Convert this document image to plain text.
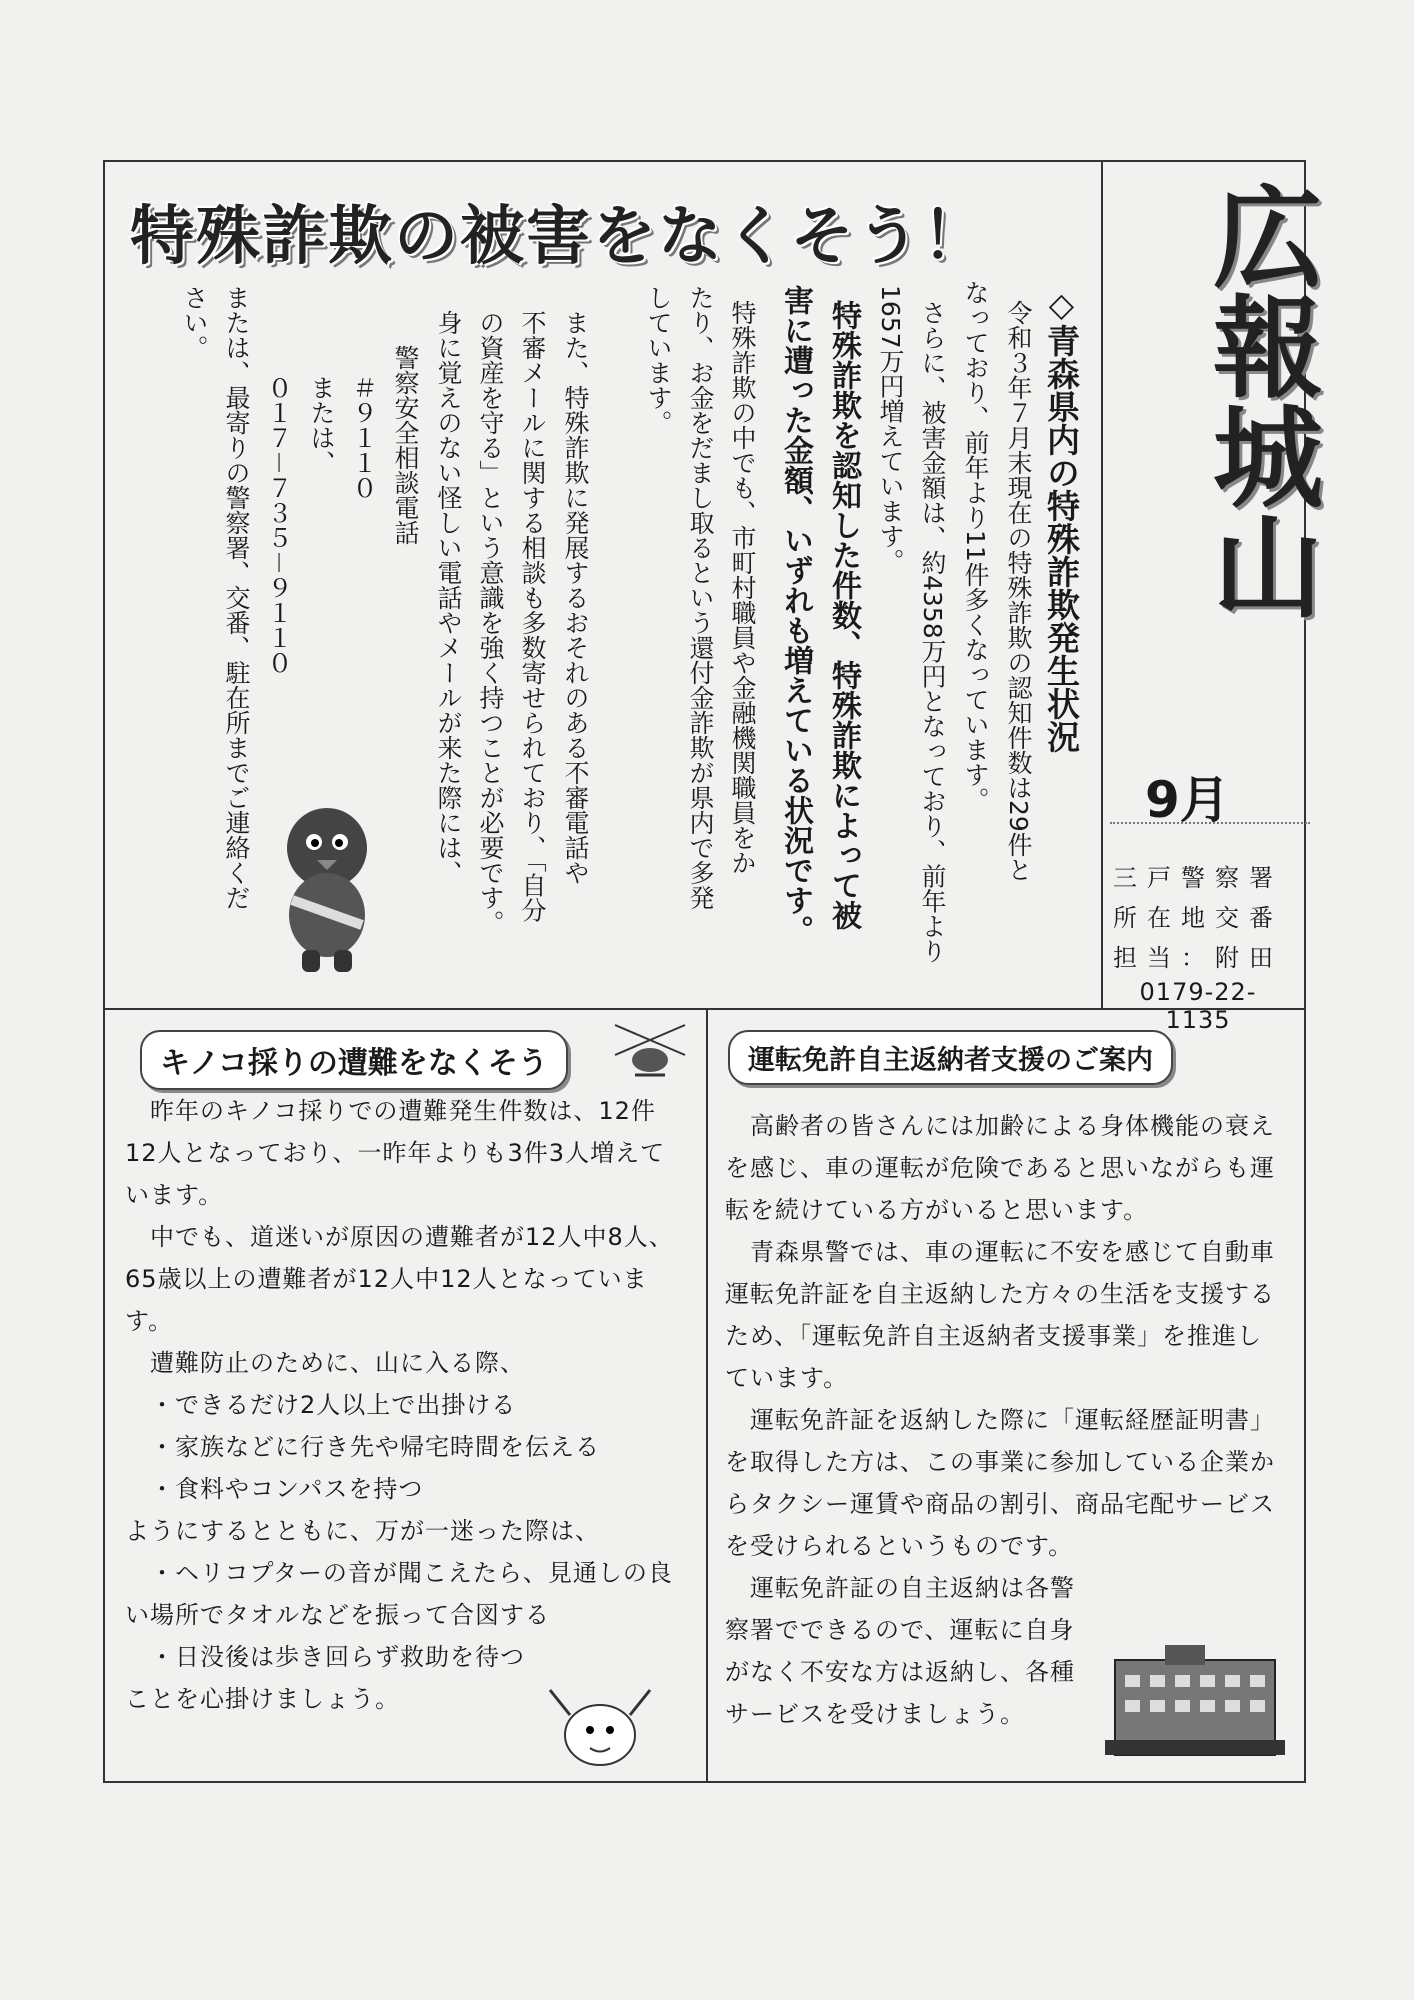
特殊詐欺の被害をなくそう！
◇青森県内の特殊詐欺発生状況
令和３年７月末現在の特殊詐欺の認知件数は29件と
なっており、前年より11件多くなっています。
さらに、被害金額は、約4358万円となっており、前年より
1657万円増えています。
特殊詐欺を認知した件数、特殊詐欺によって被
害に遭った金額、いずれも増えている状況です。
特殊詐欺の中でも、市町村職員や金融機関職員をか
たり、お金をだまし取るという還付金詐欺が県内で多発
しています。
また、特殊詐欺に発展するおそれのある不審電話や
不審メールに関する相談も多数寄せられており、「自分
の資産を守る」という意識を強く持つことが必要です。
身に覚えのない怪しい電話やメールが来た際には、
警察安全相談電話
＃９１１０
または、
０１７－７３５－９１１０
または、最寄りの警察署、交番、駐在所までご連絡くだ
さい。	広報城山
9月
三戸警察署
所在地交番
担当：附田
0179-22-1135
キノコ採りの遭難をなくそう

　昨年のキノコ採りでの遭難発生件数は、12件12人となっており、一昨年よりも3件3人増えています。

　中でも、道迷いが原因の遭難者が12人中8人、65歳以上の遭難者が12人中12人となっています。

　遭難防止のために、山に入る際、

　・できるだけ2人以上で出掛ける

　・家族などに行き先や帰宅時間を伝える

　・食料やコンパスを持つ

ようにするとともに、万が一迷った際は、

　・ヘリコプターの音が聞こえたら、見通しの良い場所でタオルなどを振って合図する

　・日没後は歩き回らず救助を待つ

ことを心掛けましょう。

運転免許自主返納者支援のご案内

　高齢者の皆さんには加齢による身体機能の衰えを感じ、車の運転が危険であると思いながらも運転を続けている方がいると思います。

　青森県警では、車の運転に不安を感じて自動車運転免許証を自主返納した方々の生活を支援するため、「運転免許自主返納者支援事業」を推進しています。

　運転免許証を返納した際に「運転経歴証明書」を取得した方は、この事業に参加している企業からタクシー運賃や商品の割引、商品宅配サービスを受けられるというものです。

　運転免許証の自主返納は各警察署でできるので、運転に自身がなく不安な方は返納し、各種サービスを受けましょう。
